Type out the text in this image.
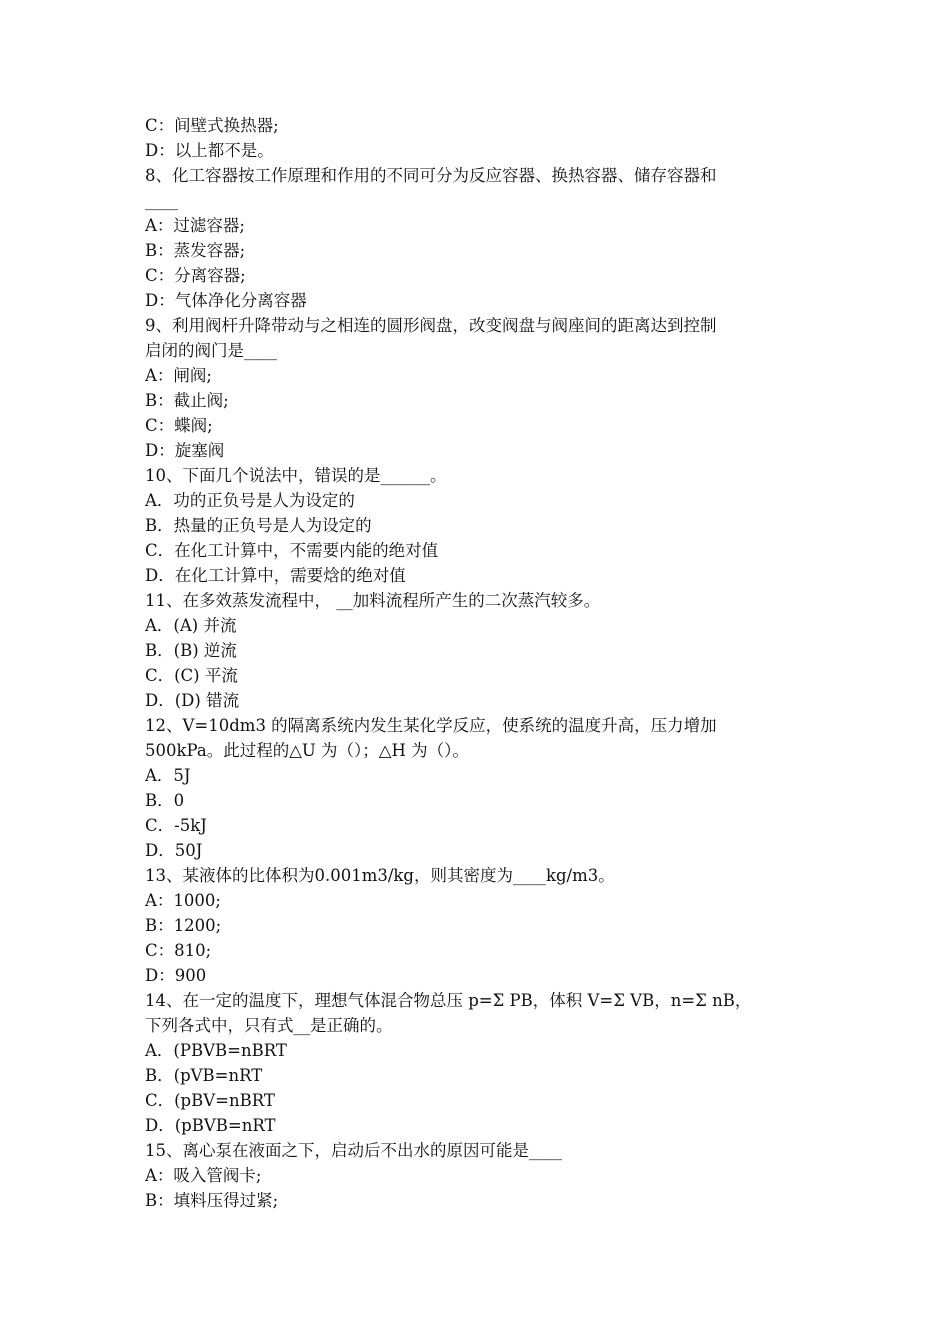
C：间壁式换热器;
D：以上都不是。
8、化工容器按工作原理和作用的不同可分为反应容器、换热容器、储存容器和
____
A：过滤容器;
B：蒸发容器;
C：分离容器;
D：气体净化分离容器
9、利用阀杆升降带动与之相连的圆形阀盘，改变阀盘与阀座间的距离达到控制
启闭的阀门是____
A：闸阀;
B：截止阀;
C：蝶阀;
D：旋塞阀
10、下面几个说法中，错误的是______。
A．功的正负号是人为设定的
B．热量的正负号是人为设定的
C．在化工计算中，不需要内能的绝对值
D．在化工计算中，需要焓的绝对值
11、在多效蒸发流程中， __加料流程所产生的二次蒸汽较多。
A．(A) 并流
B．(B) 逆流
C．(C) 平流
D．(D) 错流
12、V=10dm3 的隔离系统内发生某化学反应，使系统的温度升高，压力增加
500kPa。此过程的△U 为（）；△H 为（）。
A．5J
B．0
C．-5kJ
D．50J
13、某液体的比体积为0.001m3/kg，则其密度为____kg/m3。
A：1000;
B：1200;
C：810;
D：900
14、在一定的温度下，理想气体混合物总压 p=Σ PB，体积 V=Σ VB，n=Σ nB，
下列各式中，只有式__是正确的。
A．(PBVB=nBRT
B．(pVB=nRT
C．(pBV=nBRT
D．(pBVB=nRT
15、离心泵在液面之下，启动后不出水的原因可能是____
A：吸入管阀卡;
B：填料压得过紧;
